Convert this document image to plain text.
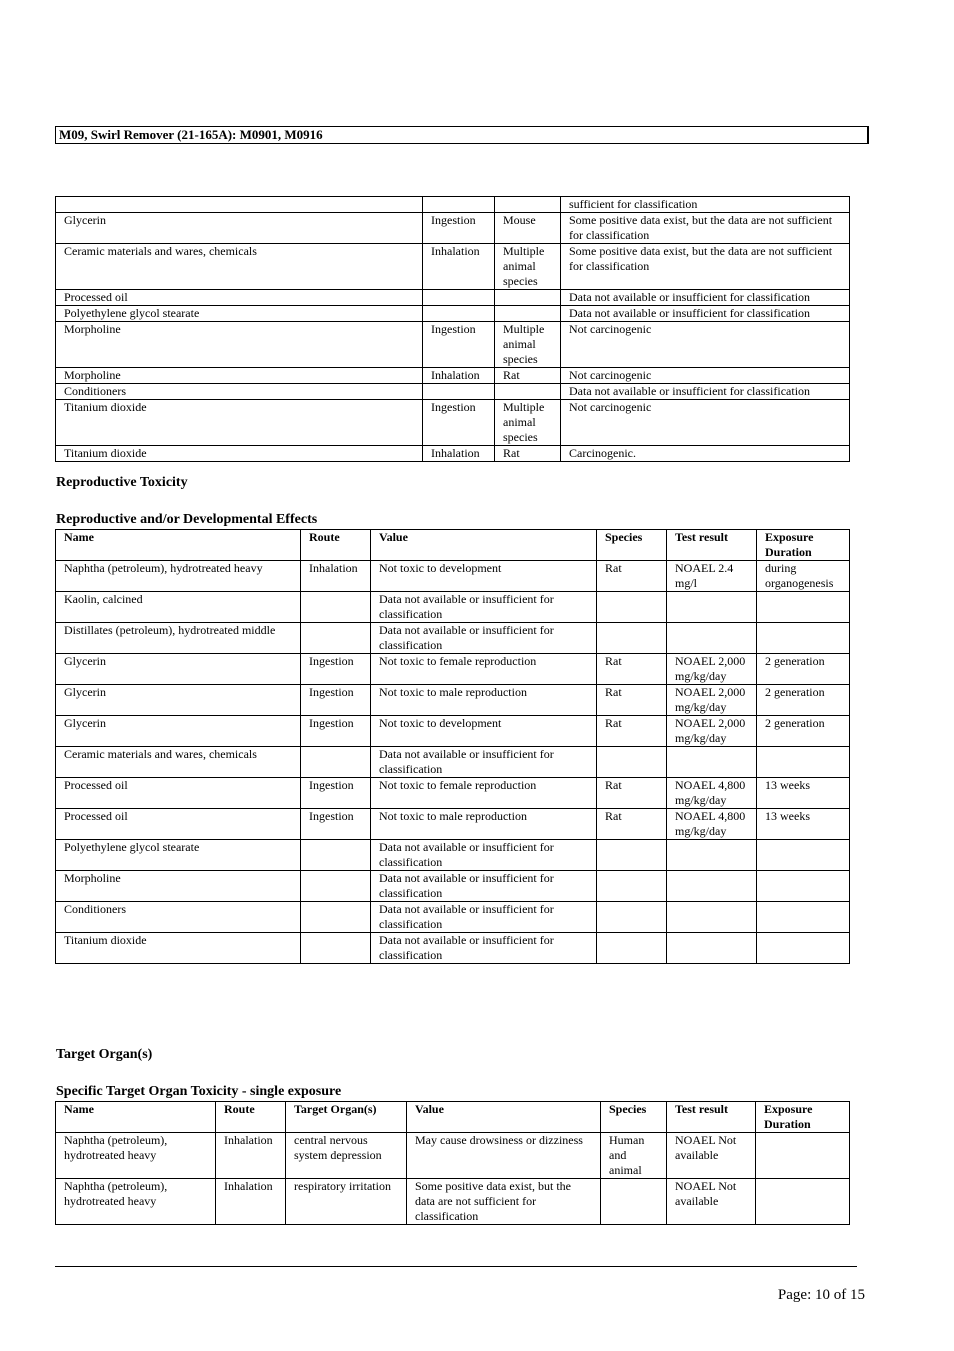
M09, Swirl Remover (21-165A): M0901, M0916
			sufficient for classification
Glycerin	Ingestion	Mouse	Some positive data exist, but the data are not sufficient for classification
Ceramic materials and wares, chemicals	Inhalation	Multiple animal species	Some positive data exist, but the data are not sufficient for classification
Processed oil			Data not available or insufficient for classification
Polyethylene glycol stearate			Data not available or insufficient for classification
Morpholine	Ingestion	Multiple animal species	Not carcinogenic
Morpholine	Inhalation	Rat	Not carcinogenic
Conditioners			Data not available or insufficient for classification
Titanium dioxide	Ingestion	Multiple animal species	Not carcinogenic
Titanium dioxide	Inhalation	Rat	Carcinogenic.
Reproductive Toxicity
Reproductive and/or Developmental Effects
Name	Route	Value	Species	Test result	Exposure Duration
Naphtha (petroleum), hydrotreated heavy	Inhalation	Not toxic to development	Rat	NOAEL 2.4 mg/l	during organogenesis
Kaolin, calcined		Data not available or insufficient for classification			
Distillates (petroleum), hydrotreated middle		Data not available or insufficient for classification			
Glycerin	Ingestion	Not toxic to female reproduction	Rat	NOAEL 2,000 mg/kg/day	2 generation
Glycerin	Ingestion	Not toxic to male reproduction	Rat	NOAEL 2,000 mg/kg/day	2 generation
Glycerin	Ingestion	Not toxic to development	Rat	NOAEL 2,000 mg/kg/day	2 generation
Ceramic materials and wares, chemicals		Data not available or insufficient for classification			
Processed oil	Ingestion	Not toxic to female reproduction	Rat	NOAEL 4,800 mg/kg/day	13 weeks
Processed oil	Ingestion	Not toxic to male reproduction	Rat	NOAEL 4,800 mg/kg/day	13 weeks
Polyethylene glycol stearate		Data not available or insufficient for classification			
Morpholine		Data not available or insufficient for classification			
Conditioners		Data not available or insufficient for classification			
Titanium dioxide		Data not available or insufficient for classification			
Target Organ(s)
Specific Target Organ Toxicity - single exposure
Name	Route	Target Organ(s)	Value	Species	Test result	Exposure Duration
Naphtha (petroleum), hydrotreated heavy	Inhalation	central nervous system depression	May cause drowsiness or dizziness	Human and animal	NOAEL Not available	
Naphtha (petroleum), hydrotreated heavy	Inhalation	respiratory irritation	Some positive data exist, but the data are not sufficient for classification		NOAEL Not available	
Page: 10 of 15
